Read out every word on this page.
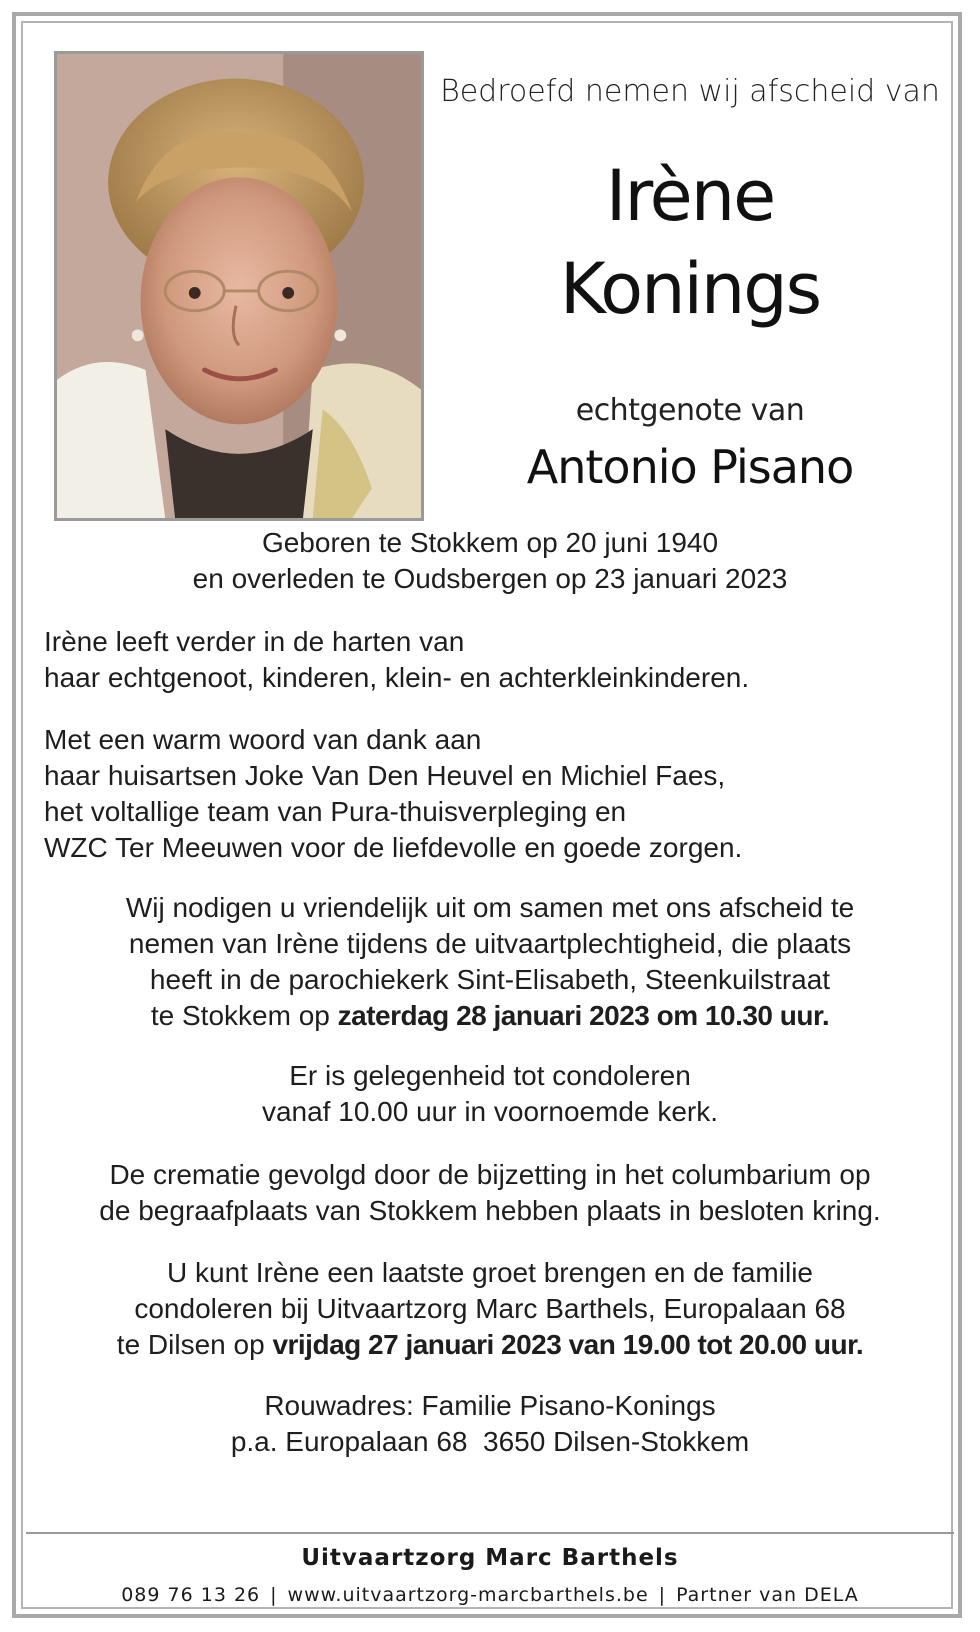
Bedroefd nemen wij afscheid van

Irène

Konings

echtgenote van

Antonio Pisano

Geboren te Stokkem op 20 juni 1940
en overleden te Oudsbergen op 23 januari 2023
Irène leeft verder in de harten van
haar echtgenoot, kinderen, klein- en achterkleinkinderen.
Met een warm woord van dank aan
haar huisartsen Joke Van Den Heuvel en Michiel Faes,
het voltallige team van Pura-thuisverpleging en
WZC Ter Meeuwen voor de liefdevolle en goede zorgen.
Wij nodigen u vriendelijk uit om samen met ons afscheid te
nemen van Irène tijdens de uitvaartplechtigheid, die plaats
heeft in de parochiekerk Sint-Elisabeth, Steenkuilstraat
te Stokkem op zaterdag 28 januari 2023 om 10.30 uur.
Er is gelegenheid tot condoleren
vanaf 10.00 uur in voornoemde kerk.
De crematie gevolgd door de bijzetting in het columbarium op
de begraafplaats van Stokkem hebben plaats in besloten kring.
U kunt Irène een laatste groet brengen en de familie
condoleren bij Uitvaartzorg Marc Barthels, Europalaan 68
te Dilsen op vrijdag 27 januari 2023 van 19.00 tot 20.00 uur.
Rouwadres: Familie Pisano-Konings
p.a. Europalaan 68  3650 Dilsen-Stokkem
Uitvaartzorg Marc Barthels
089 76 13 26 | www.uitvaartzorg-marcbarthels.be | Partner van DELA
